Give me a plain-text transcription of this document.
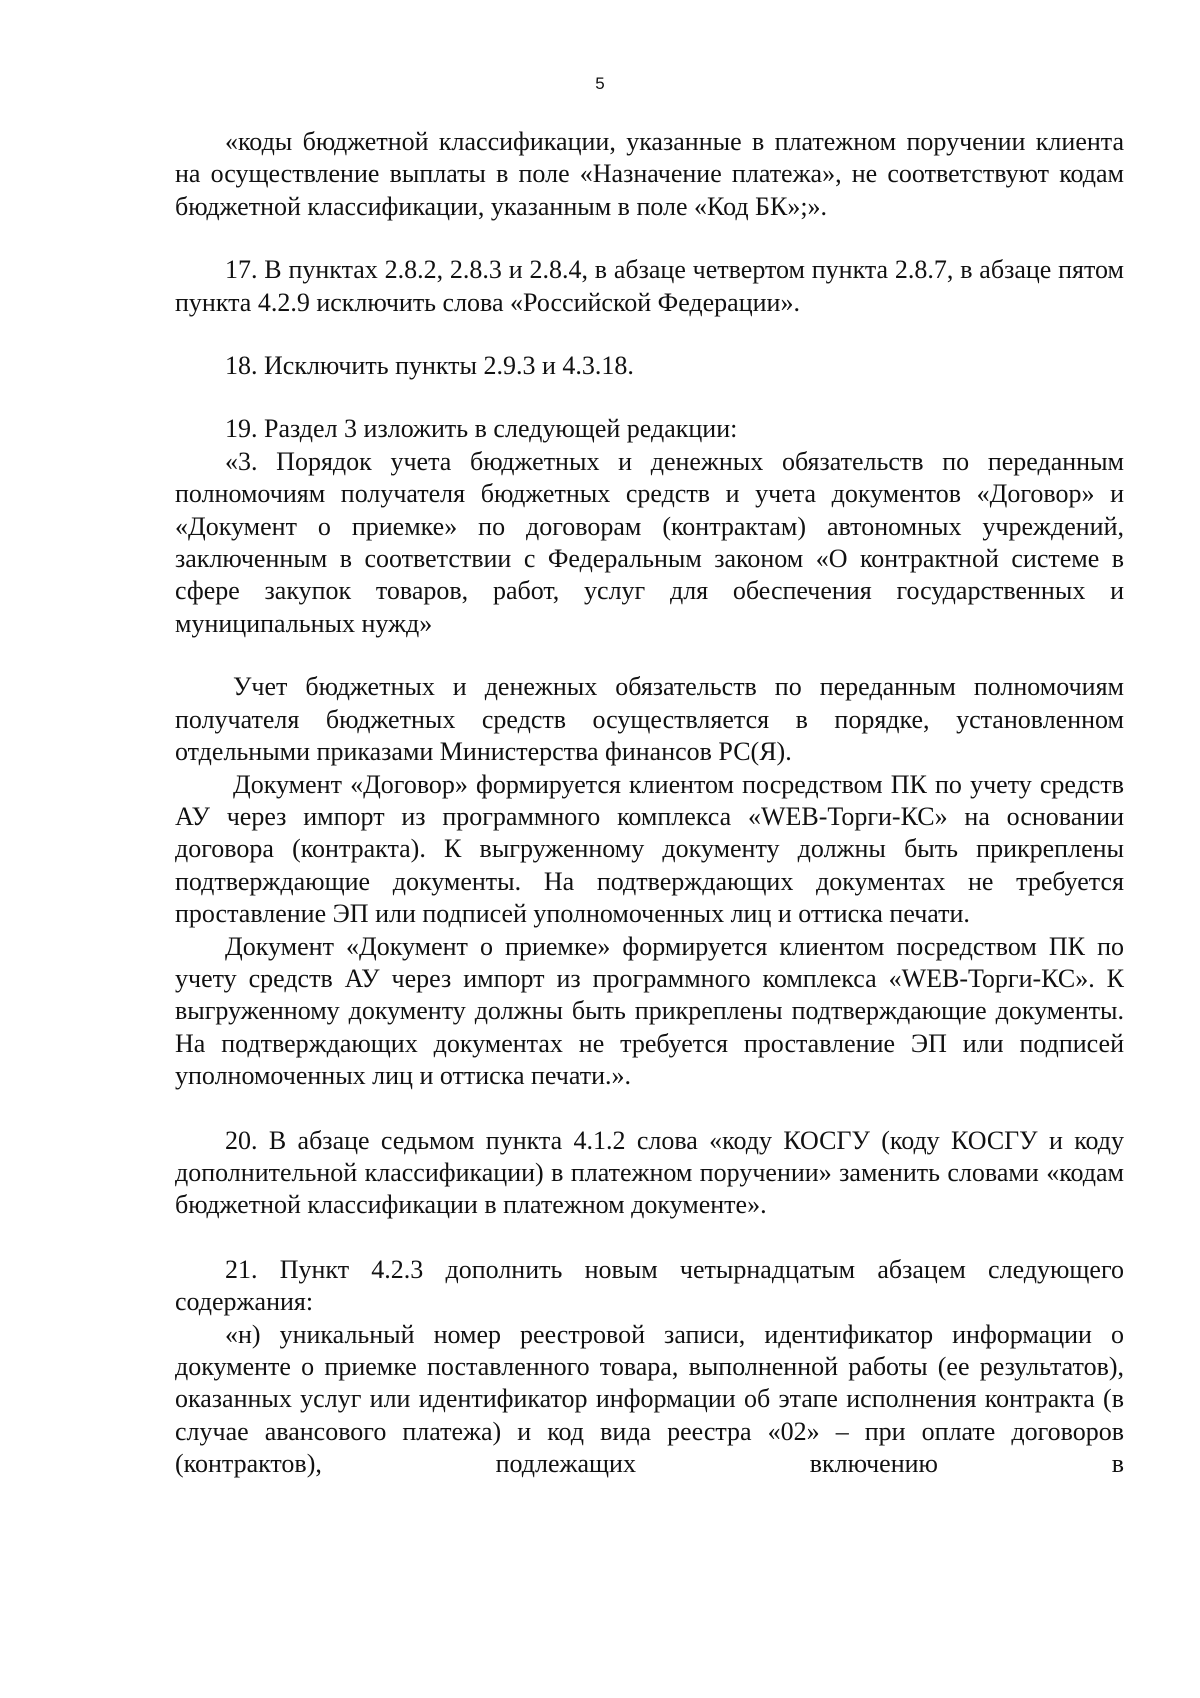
5

«коды бюджетной классификации, указанные в платежном поручении клиента на осуществление выплаты в поле «Назначение платежа», не соответствуют кодам бюджетной классификации, указанным в поле «Код БК»;».

17. В пунктах 2.8.2, 2.8.3 и 2.8.4, в абзаце четвертом пункта 2.8.7, в абзаце пятом пункта 4.2.9 исключить слова «Российской Федерации».

18. Исключить пункты 2.9.3 и 4.3.18.

19. Раздел 3 изложить в следующей редакции:

«3. Порядок учета бюджетных и денежных обязательств по переданным полномочиям получателя бюджетных средств и учета документов «Договор» и «Документ о приемке» по договорам (контрактам) автономных учреждений, заключенным в соответствии с Федеральным законом «О контрактной системе в сфере закупок товаров, работ, услуг для обеспечения государственных и муниципальных нужд»

Учет бюджетных и денежных обязательств по переданным полномочиям получателя бюджетных средств осуществляется в порядке, установленном отдельными приказами Министерства финансов РС(Я).

Документ «Договор» формируется клиентом посредством ПК по учету средств АУ через импорт из программного комплекса «WEB-Торги-КС» на основании договора (контракта). К выгруженному документу должны быть прикреплены подтверждающие документы. На подтверждающих документах не требуется проставление ЭП или подписей уполномоченных лиц и оттиска печати.

Документ «Документ о приемке» формируется клиентом посредством ПК по учету средств АУ через импорт из программного комплекса «WEB-Торги-КС». К выгруженному документу должны быть прикреплены подтверждающие документы. На подтверждающих документах не требуется проставление ЭП или подписей уполномоченных лиц и оттиска печати.».

20. В абзаце седьмом пункта 4.1.2 слова «коду КОСГУ (коду КОСГУ и коду дополнительной классификации) в платежном поручении» заменить словами «кодам бюджетной классификации в платежном документе».

21. Пункт 4.2.3 дополнить новым четырнадцатым абзацем следующего содержания:

«н) уникальный номер реестровой записи, идентификатор информации о документе о приемке поставленного товара, выполненной работы (ее результатов), оказанных услуг или идентификатор информации об этапе исполнения контракта (в случае авансового платежа) и код вида реестра «02» – при оплате договоров (контрактов), подлежащих включению в
